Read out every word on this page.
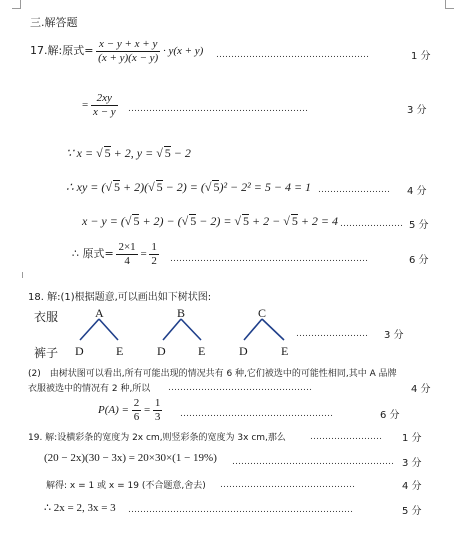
三.解答题
17.解:原式= $\frac{x - y + x + y}{(x + y)(x - y)} \cdot y(x + y)$ ……………………………………………	1 分
= $\frac{2xy}{x - y}$ ……………………………………………………	3 分
∵ x = √ 5 + 2, y = √ 5 − 2
∴ xy = (√ 5 + 2)(√ 5 − 2) = (√ 5)² − 2² = 5 − 4 = 1 …………………… 4 分
x − y = (√ 5 + 2) − (√ 5 − 2) = √ 5 + 2 − √ 5 + 2 = 4 ………………… 5 分
∴ 原式= $\frac{2\times 1}{4} = \frac{1}{2}$ …………………………………………………………	6 分
18. 解:(1)根据题意,可以画出如下树状图:
衣服
裤子
A	B	C
D	E	D	E	D	E
…………………… 3 分
(2)　由树状图可以看出,所有可能出现的情况共有 6 种,它们被选中的可能性相同,其中 A 品牌
衣服被选中的情况有 2 种,所以 …………………………………………	4 分
$P(A) = \frac{2}{6} = \frac{1}{3}$ ……………………………………………	6 分
19. 解:设横彩条的宽度为 2x cm,则竖彩条的宽度为 3x cm,那么	…………………… 1 分
(20 − 2x)(30 − 3x) = 20×30×(1 − 19%) ……………………………………………… 3 分
解得: x = 1 或 x = 19 (不合题意,舍去) ………………………………………	4 分
∴ 2x = 2, 3x = 3 …………………………………………………………………	5 分
